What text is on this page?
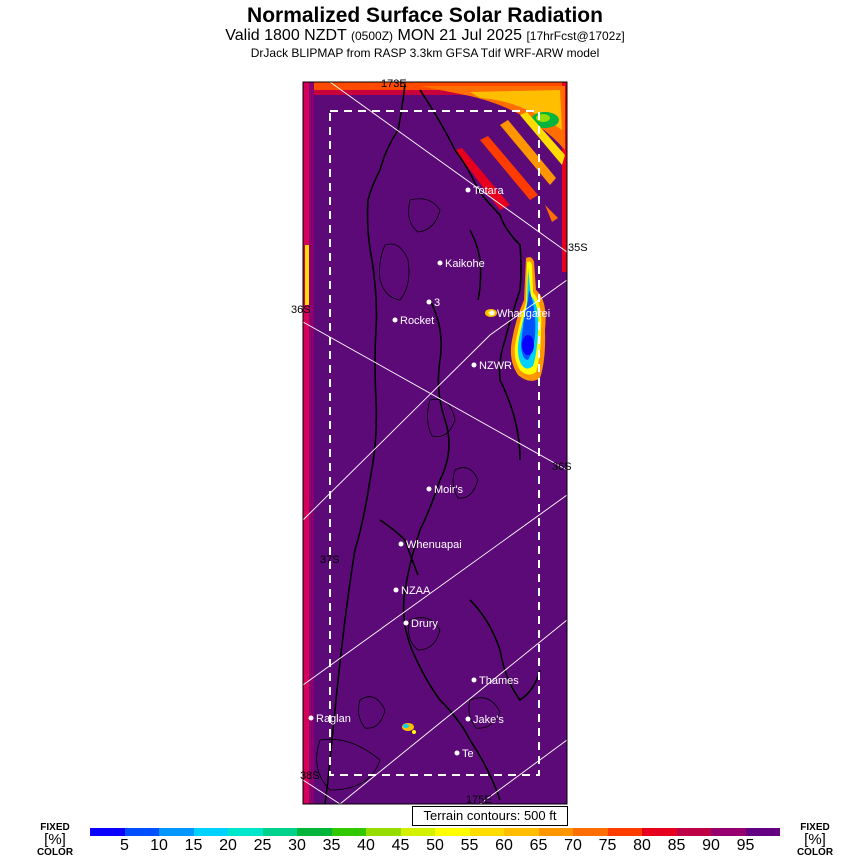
Normalized Surface Solar Radiation
Valid 1800 NZDT (0500Z) MON 21 Jul 2025 [17hrFcst@1702z]
DrJack BLIPMAP from RASP 3.3km GFSA Tdif WRF-ARW model
173E
35S
36S
36S
37S
38S
175E
Totara
Kaikohe
3
Rocket
Whangarei
NZWR
Moir's
Whenuapai
NZAA
Drury
Thames
Raglan	Jake's
Te
Terrain contours: 500 ft
FIXED
[%]
COLOR
FIXED
[%]
COLOR
5	10	15	20	25	30	35	40	45	50	55	60	65	70	75	80	85	90	95
